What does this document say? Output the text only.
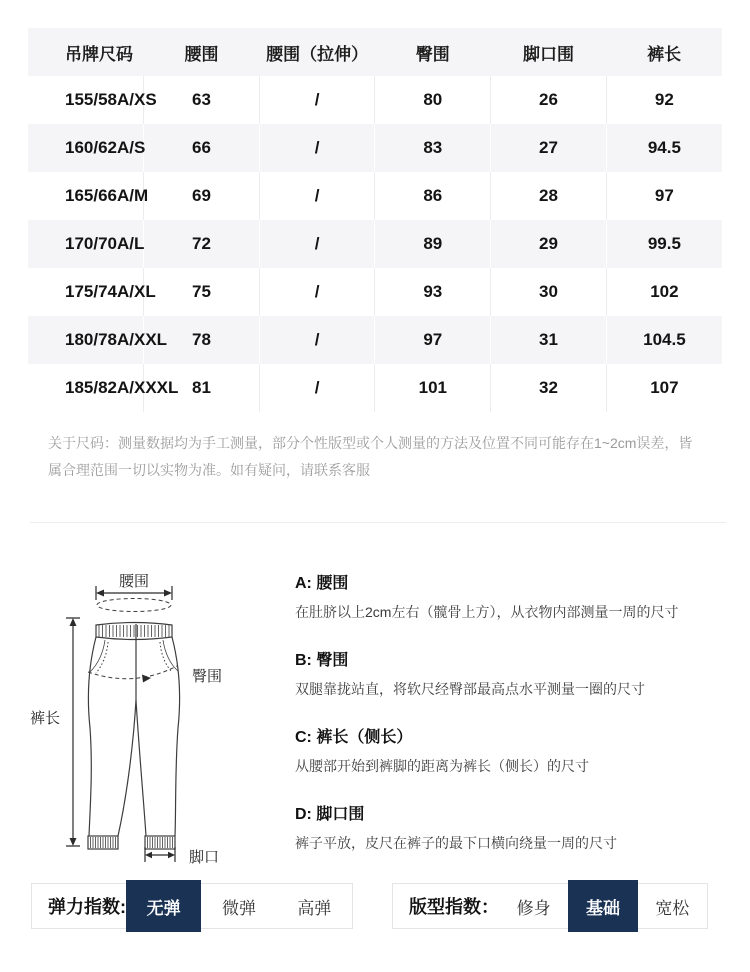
吊牌尺码	腰围	腰围（拉伸）	臀围	脚口围	裤长
155/58A/XS	63	/	80	26	92
160/62A/S	66	/	83	27	94.5
165/66A/M	69	/	86	28	97
170/70A/L	72	/	89	29	99.5
175/74A/XL	75	/	93	30	102
180/78A/XXL	78	/	97	31	104.5
185/82A/XXXL	81	/	101	32	107
关于尺码：测量数据均为手工测量，部分个性版型或个人测量的方法及位置不同可能存在1~2cm误差，皆属合理范围一切以实物为准。如有疑问，请联系客服
腰围
臀围
裤长
脚口
A: 腰围
在肚脐以上2cm左右（髋骨上方），从衣物内部测量一周的尺寸
B: 臀围
双腿靠拢站直，将软尺经臀部最高点水平测量一圈的尺寸
C: 裤长（侧长）
从腰部开始到裤脚的距离为裤长（侧长）的尺寸
D: 脚口围
裤子平放，皮尺在裤子的最下口横向绕量一周的尺寸
弹力指数:	无弹	微弹	高弹	版型指数：	修身	基础	宽松
